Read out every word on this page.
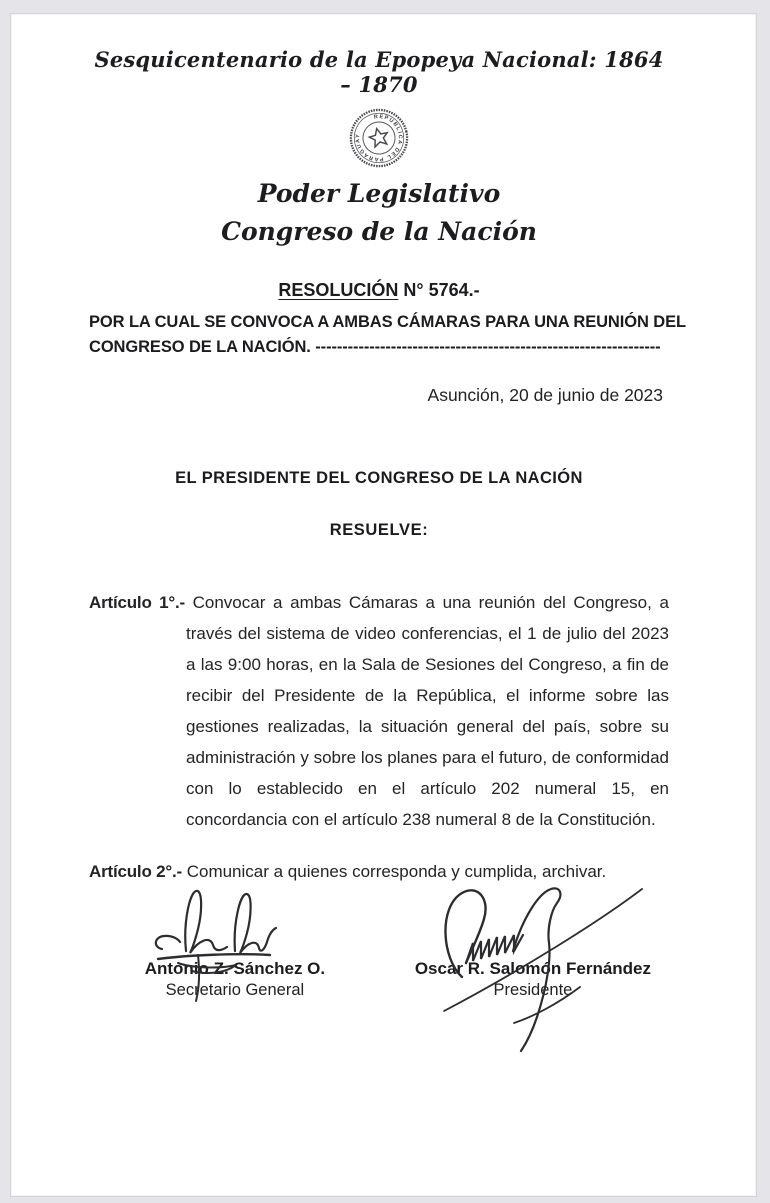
Sesquicentenario de la Epopeya Nacional: 1864 – 1870
REPUBLICA DEL PARAGUAY
Poder Legislativo
Congreso de la Nación
RESOLUCIÓN N° 5764.-
POR LA CUAL SE CONVOCA A AMBAS CÁMARAS PARA UNA REUNIÓN DEL
CONGRESO DE LA NACIÓN. ----------------------------------------------------------------
Asunción, 20 de junio de 2023
EL PRESIDENTE DEL CONGRESO DE LA NACIÓN
RESUELVE:
Artículo 1°.- Convocar a ambas Cámaras a una reunión del Congreso, a través del sistema de video conferencias, el 1 de julio del 2023 a las 9:00 horas, en la Sala de Sesiones del Congreso, a fin de recibir del Presidente de la República, el informe sobre las gestiones realizadas, la situación general del país, sobre su administración y sobre los planes para el futuro, de conformidad con lo establecido en el artículo 202 numeral 15, en concordancia con el artículo 238 numeral 8 de la Constitución.
Artículo 2°.- Comunicar a quienes corresponda y cumplida, archivar.
Antonio Z. Sánchez O.
Secretario General
Oscar R. Salomón Fernández
Presidente
